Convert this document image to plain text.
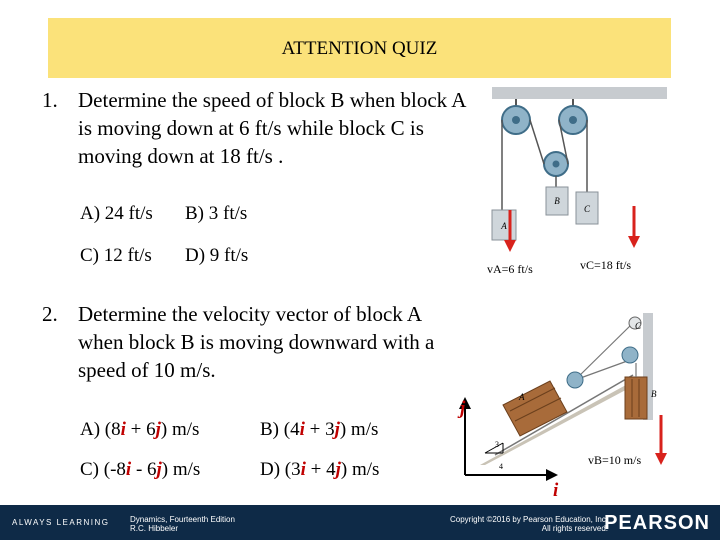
ATTENTION QUIZ
1. Determine the speed of block B when block A is moving down at 6 ft/s while block C is moving down at 18 ft/s .
A) 24 ft/s B) 3 ft/s
C) 12 ft/s D) 9 ft/s
A
B
C
vA=6 ft/s	vC=18 ft/s
2. Determine the velocity vector of block A when block B is moving downward with a speed of 10 m/s.
A) (8i + 6j) m/s	B) (4i + 3j) m/s
C) (-8i - 6j) m/s	D) (3i + 4j) m/s
C
A	B
3
4
j
i
vB=10 m/s
ALWAYS LEARNING	Dynamics, Fourteenth Edition
R.C. Hibbeler
Copyright ©2016 by Pearson Education, Inc.
All rights reserved.
PEARSON
